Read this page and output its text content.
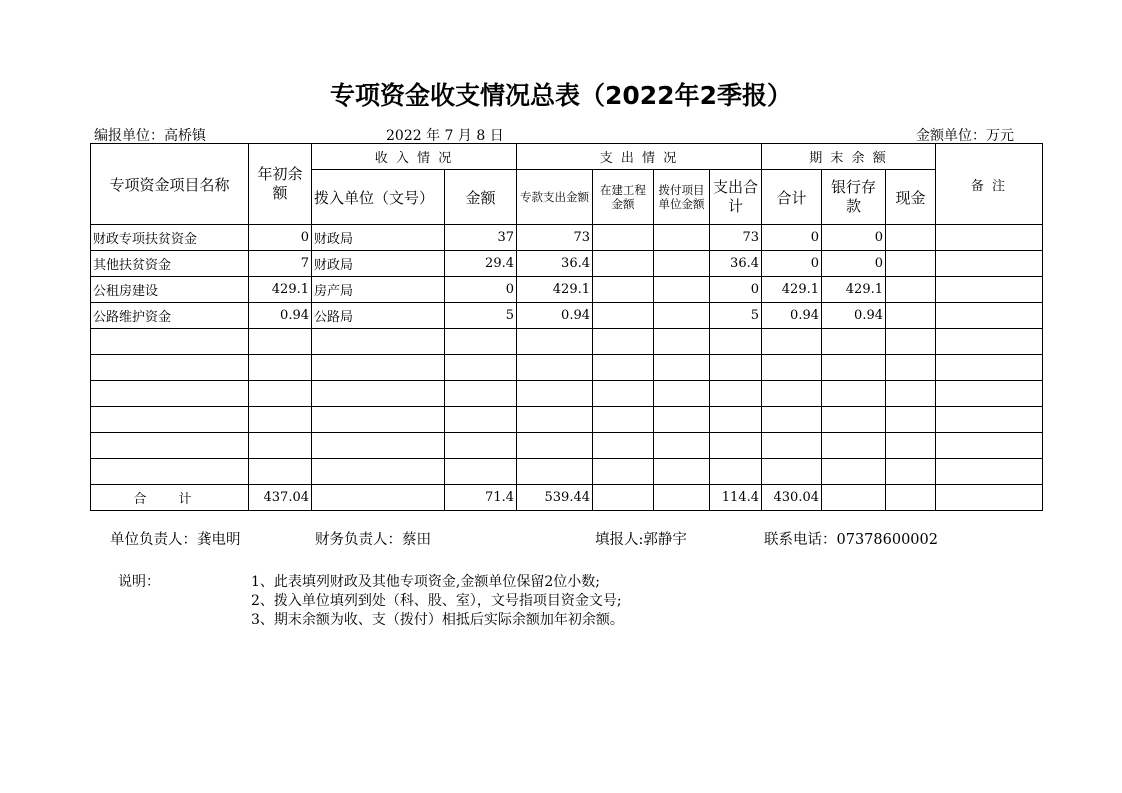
专项资金收支情况总表（2022年2季报）
编报单位：高桥镇	2022 年 7 月 8 日	金额单位：万元
专项资金项目名称	年初余额	收 入 情 况		支 出 情 况				期 末 余 额			备 注
		拨入单位（文号）	金额	专款支出金额	在建工程金额	拨付项目单位金额	支出合计	合计	银行存款	现金	
财政专项扶贫资金	0	财政局	37	73			73	0	0		
其他扶贫资金	7	财政局	29.4	36.4			36.4	0	0		
公租房建设	429.1	房产局	0	429.1			0	429.1	429.1		
公路维护资金	0.94	公路局	5	0.94			5	0.94	0.94		

合 计	437.04		71.4	539.44			114.4	430.04			
单位负责人：龚电明	财务负责人：蔡田	填报人:郭静宇	联系电话：07378600002
说明：	1、此表填列财政及其他专项资金,金额单位保留2位小数;
2、拨入单位填列到处（科、股、室），文号指项目资金文号;
3、期末余额为收、支（拨付）相抵后实际余额加年初余额。
